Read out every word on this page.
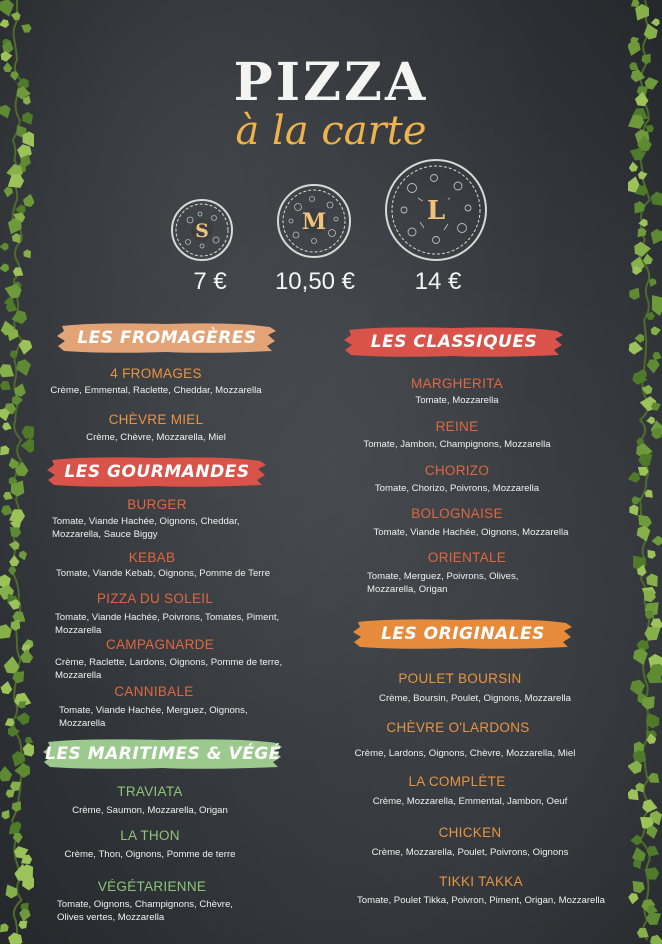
PIZZA
à la carte
S	M	L
7 €	10,50 €	14 €
LES FROMAGÈRES
4 FROMAGES
Crème, Emmental, Raclette, Cheddar, Mozzarella
CHÈVRE MIEL
Crème, Chèvre, Mozzarella, Miel
LES GOURMANDES
BURGER
Tomate, Viande Hachée, Oignons, Cheddar,
Mozzarella, Sauce Biggy
KEBAB
Tomate, Viande Kebab, Oignons, Pomme de Terre
PIZZA DU SOLEIL
Tomate, Viande Hachée, Poivrons, Tomates, Piment,
Mozzarella
CAMPAGNARDE
Crème, Raclette, Lardons, Oignons, Pomme de terre,
Mozzarella
CANNIBALE
Tomate, Viande Hachée, Merguez, Oignons,
Mozzarella
LES MARITIMES & VÉGÉ
TRAVIATA
Crème, Saumon, Mozzarella, Origan
LA THON
Crème, Thon, Oignons, Pomme de terre
VÉGÉTARIENNE
Tomate, Oignons, Champignons, Chèvre,
Olives vertes, Mozzarella
LES CLASSIQUES
MARGHERITA
Tomate, Mozzarella
REINE
Tomate, Jambon, Champignons, Mozzarella
CHORIZO
Tomate, Chorizo, Poivrons, Mozzarella
BOLOGNAISE
Tomate, Viande Hachée, Oignons, Mozzarella
ORIENTALE
Tomate, Merguez, Poivrons, Olives,
Mozzarella, Origan
LES ORIGINALES
POULET BOURSIN
Crème, Boursin, Poulet, Oignons, Mozzarella
CHÈVRE O'LARDONS
Crème, Lardons, Oignons, Chèvre, Mozzarella, Miel
LA COMPLÈTE
Crème, Mozzarella, Emmental, Jambon, Oeuf
CHICKEN
Crème, Mozzarella, Poulet, Poivrons, Oignons
TIKKI TAKKA
Tomate, Poulet Tikka, Poivron, Piment, Origan, Mozzarella
